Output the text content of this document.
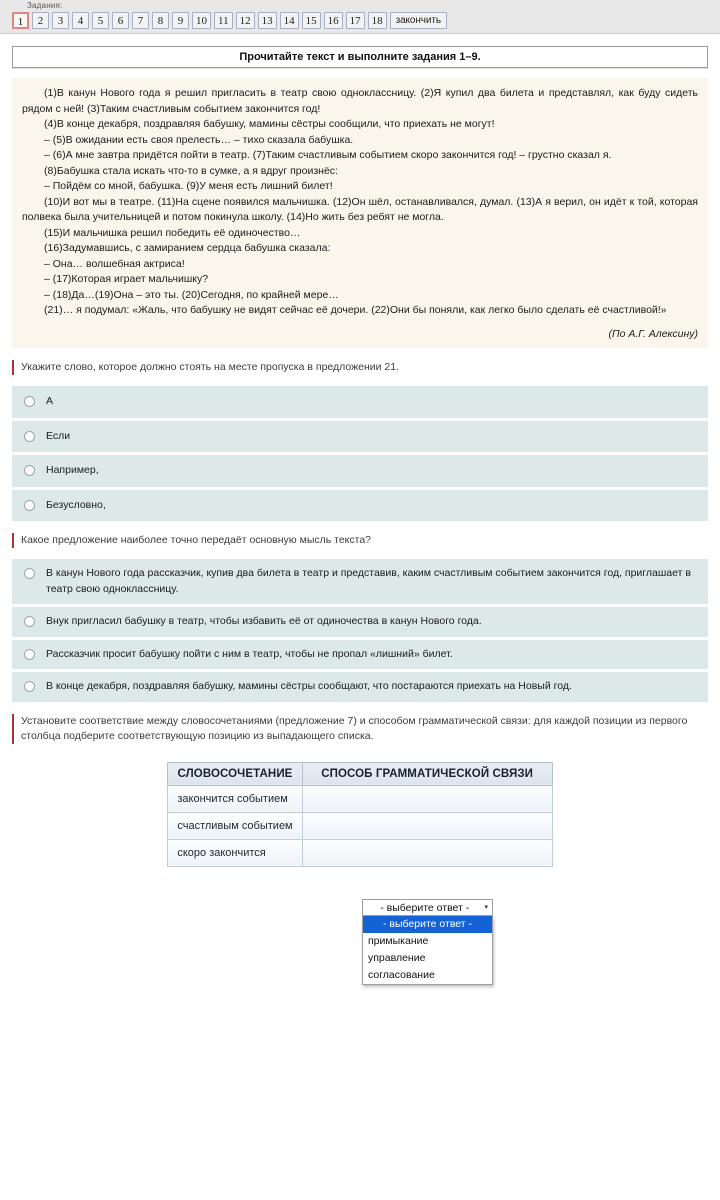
Задания:
1	2	3	4	5	6	7	8	9	10	11	12	13	14	15	16	17	18	закончить
Прочитайте текст и выполните задания 1–9.

(1)В канун Нового года я решил пригласить в театр свою одноклассницу. (2)Я купил два билета и представлял, как буду сидеть рядом с ней! (3)Таким счастливым событием закончится год!

(4)В конце декабря, поздравляя бабушку, мамины сёстры сообщили, что приехать не могут!

– (5)В ожидании есть своя прелесть… – тихо сказала бабушка.

– (6)А мне завтра придётся пойти в театр. (7)Таким счастливым событием скоро закончится год! – грустно сказал я.

(8)Бабушка стала искать что-то в сумке, а я вдруг произнёс:

– Пойдём со мной, бабушка. (9)У меня есть лишний билет!

(10)И вот мы в театре. (11)На сцене появился мальчишка. (12)Он шёл, останавливался, думал. (13)А я верил, он идёт к той, которая полвека была учительницей и потом покинула школу. (14)Но жить без ребят не могла.

(15)И мальчишка решил победить её одиночество…

(16)Задумавшись, с замиранием сердца бабушка сказала:

– Она… волшебная актриса!

– (17)Которая играет мальчишку?

– (18)Да…(19)Она – это ты. (20)Сегодня, по крайней мере…

(21)… я подумал: «Жаль, что бабушку не видят сейчас её дочери. (22)Они бы поняли, как легко было сделать её счастливой!»

(По А.Г. Алексину)

Укажите слово, которое должно стоять на месте пропуска в предложении 21.
А
Если
Например,
Безусловно,
Какое предложение наиболее точно передаёт основную мысль текста?
В канун Нового года рассказчик, купив два билета в театр и представив, каким счастливым событием закончится год, приглашает в театр свою одноклассницу.
Внук пригласил бабушку в театр, чтобы избавить её от одиночества в канун Нового года.
Рассказчик просит бабушку пойти с ним в театр, чтобы не пропал «лишний» билет.
В конце декабря, поздравляя бабушку, мамины сёстры сообщают, что постараются приехать на Новый год.
Установите соответствие между словосочетаниями (предложение 7) и способом грамматической связи: для каждой позиции из первого столбца подберите соответствующую позицию из выпадающего списка.
СЛОВОСОЧЕТАНИЕ	СПОСОБ ГРАММАТИЧЕСКОЙ СВЯЗИ
закончится событием	
счастливым событием	
скоро закончится	
- выберите ответ -	▾
- выберите ответ -
примыкание
управление
согласование
